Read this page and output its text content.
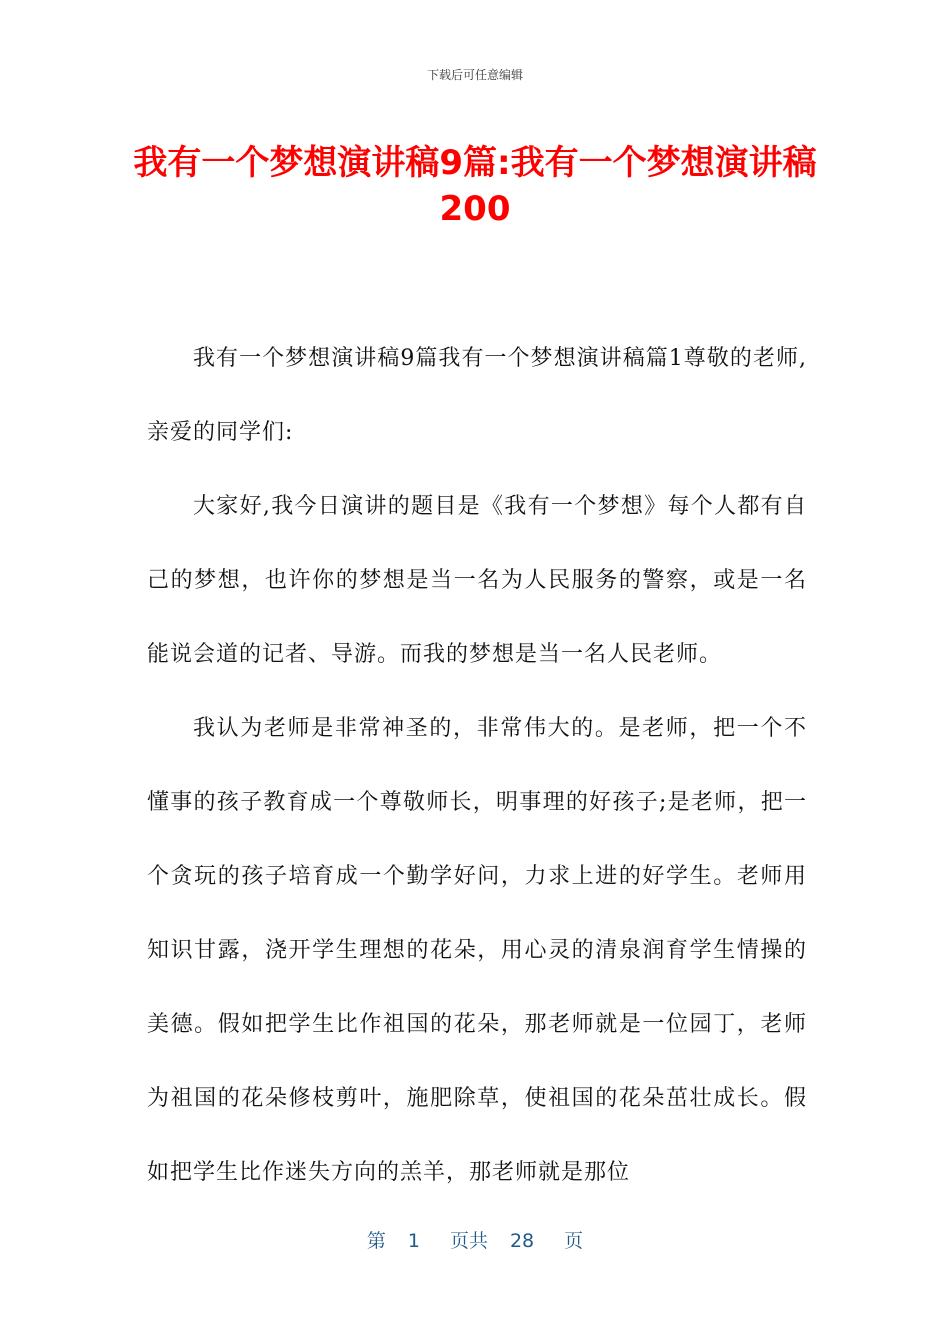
下载后可任意编辑
我有一个梦想演讲稿9篇:我有一个梦想演讲稿200

我有一个梦想演讲稿9篇我有一个梦想演讲稿篇1尊敬的老师,亲爱的同学们:

大家好,我今日演讲的题目是《我有一个梦想》每个人都有自己的梦想，也许你的梦想是当一名为人民服务的警察，或是一名能说会道的记者、导游。而我的梦想是当一名人民老师。

我认为老师是非常神圣的，非常伟大的。是老师，把一个不懂事的孩子教育成一个尊敬师长，明事理的好孩子;是老师，把一个贪玩的孩子培育成一个勤学好问，力求上进的好学生。老师用知识甘露，浇开学生理想的花朵，用心灵的清泉润育学生情操的美德。假如把学生比作祖国的花朵，那老师就是一位园丁，老师为祖国的花朵修枝剪叶，施肥除草，使祖国的花朵茁壮成长。假如把学生比作迷失方向的羔羊，那老师就是那位

第 1 页共 28 页
